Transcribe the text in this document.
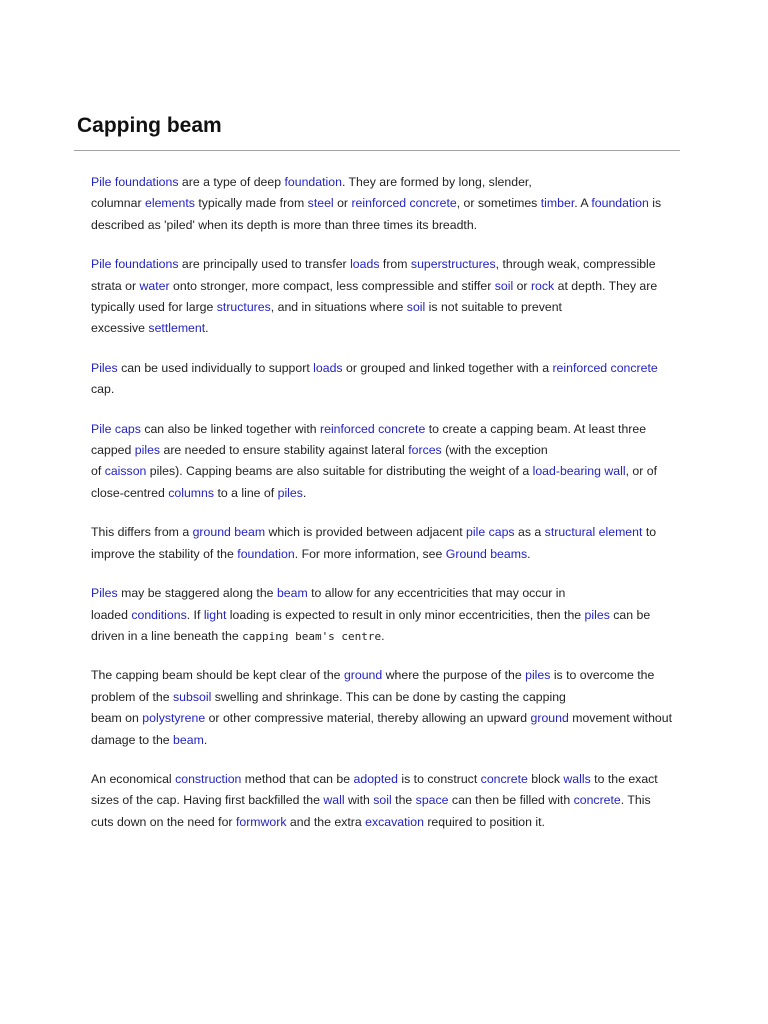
Capping beam

Pile foundations are a type of deep foundation. They are formed by long, slender,
columnar elements typically made from steel or reinforced concrete, or sometimes timber. A foundation is described as 'piled' when its depth is more than three times its breadth.

Pile foundations are principally used to transfer loads from superstructures, through weak, compressible strata or water onto stronger, more compact, less compressible and stiffer soil or rock at depth. They are typically used for large structures, and in situations where soil is not suitable to prevent
excessive settlement.

Piles can be used individually to support loads or grouped and linked together with a reinforced concrete cap.

Pile caps can also be linked together with reinforced concrete to create a capping beam. At least three capped piles are needed to ensure stability against lateral forces (with the exception
of caisson piles). Capping beams are also suitable for distributing the weight of a load-bearing wall, or of close-centred columns to a line of piles.

This differs from a ground beam which is provided between adjacent pile caps as a structural element to improve the stability of the foundation. For more information, see Ground beams.

Piles may be staggered along the beam to allow for any eccentricities that may occur in
loaded conditions. If light loading is expected to result in only minor eccentricities, then the piles can be driven in a line beneath the capping beam's centre.

The capping beam should be kept clear of the ground where the purpose of the piles is to overcome the problem of the subsoil swelling and shrinkage. This can be done by casting the capping
beam on polystyrene or other compressive material, thereby allowing an upward ground movement without damage to the beam.

An economical construction method that can be adopted is to construct concrete block walls to the exact sizes of the cap. Having first backfilled the wall with soil the space can then be filled with concrete. This cuts down on the need for formwork and the extra excavation required to position it.
